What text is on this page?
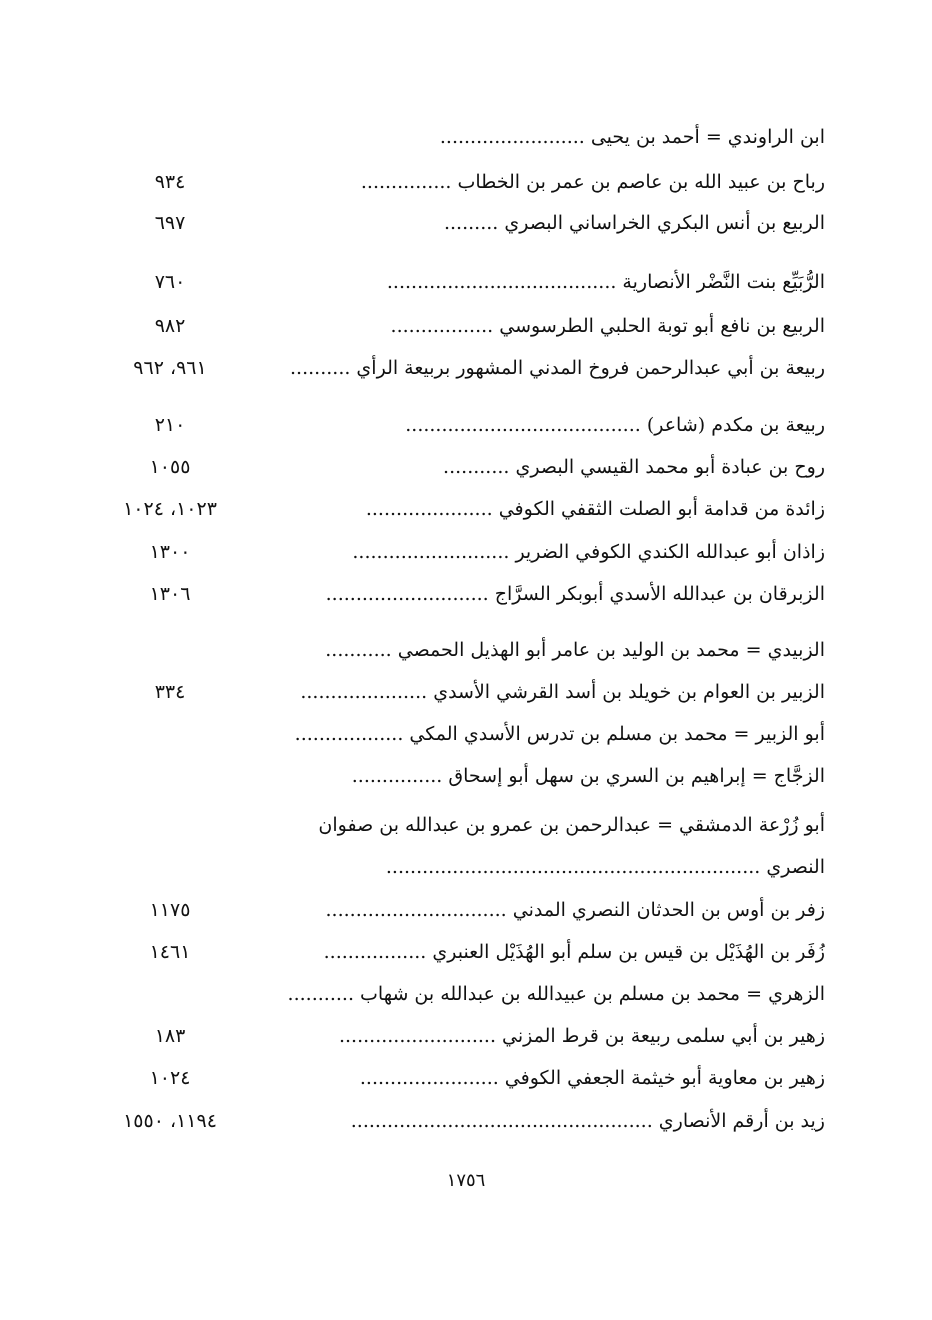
ابن الراوندي = أحمد بن يحيى ........................
رباح بن عبيد الله بن عاصم بن عمر بن الخطاب ...............
٩٣٤
الربيع بن أنس البكري الخراساني البصري .........
٦٩٧
الرُّبَيِّع بنت النَّضْر الأنصارية ......................................
٧٦٠
الربيع بن نافع أبو توبة الحلبي الطرسوسي .................
٩٨٢
ربيعة بن أبي عبدالرحمن فروخ المدني المشهور بربيعة الرأي ..........
٩٦١، ٩٦٢
ربيعة بن مكدم (شاعر) .......................................
٢١٠
روح بن عبادة أبو محمد القيسي البصري ...........
١٠٥٥
زائدة من قدامة أبو الصلت الثقفي الكوفي .....................
١٠٢٣، ١٠٢٤
زاذان أبو عبدالله الكندي الكوفي الضرير ..........................
١٣٠٠
الزبرقان بن عبدالله الأسدي أبوبكر السرَّاج ...........................
١٣٠٦
الزبيدي = محمد بن الوليد بن عامر أبو الهذيل الحمصي ...........
الزبير بن العوام بن خويلد بن أسد القرشي الأسدي .....................
٣٣٤
أبو الزبير = محمد بن مسلم بن تدرس الأسدي المكي ..................
الزجَّاج = إبراهيم بن السري بن سهل أبو إسحاق ...............
أبو زُرْعة الدمشقي = عبدالرحمن بن عمرو بن عبدالله بن صفوان
النصري ..............................................................
زفر بن أوس بن الحدثان النصري المدني ..............................
١١٧٥
زُفَر بن الهُذَيْل بن قيس بن سلم أبو الهُذَيْل العنبري .................
١٤٦١
الزهري = محمد بن مسلم بن عبيدالله بن عبدالله بن شهاب ...........
زهير بن أبي سلمى ربيعة بن قرط المزني ..........................
١٨٣
زهير بن معاوية أبو خيثمة الجعفي الكوفي .......................
١٠٢٤
زيد بن أرقم الأنصاري ..................................................
١١٩٤، ١٥٥٠
١٧٥٦
